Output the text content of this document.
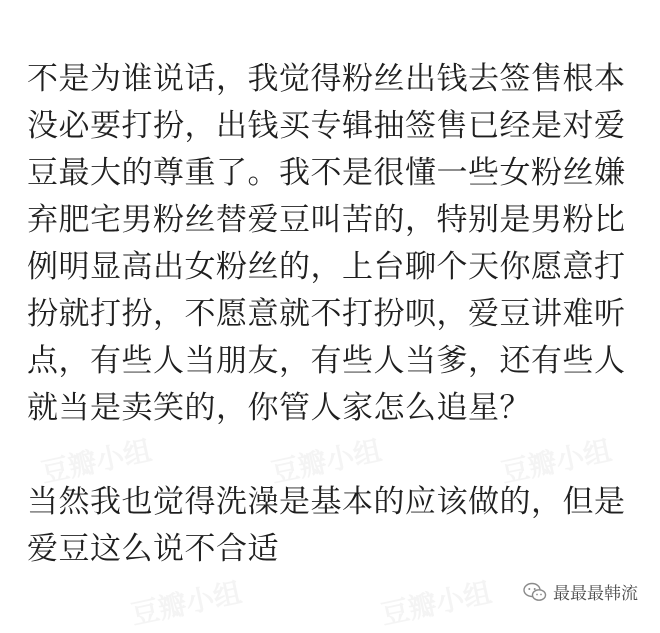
不是为谁说话，我觉得粉丝出钱去签售根本
没必要打扮，出钱买专辑抽签售已经是对爱
豆最大的尊重了。我不是很懂一些女粉丝嫌
弃肥宅男粉丝替爱豆叫苦的，特别是男粉比
例明显高出女粉丝的，上台聊个天你愿意打
扮就打扮，不愿意就不打扮呗，爱豆讲难听
点，有些人当朋友，有些人当爹，还有些人
就当是卖笑的，你管人家怎么追星？
当然我也觉得洗澡是基本的应该做的，但是
爱豆这么说不合适
最最最韩流
